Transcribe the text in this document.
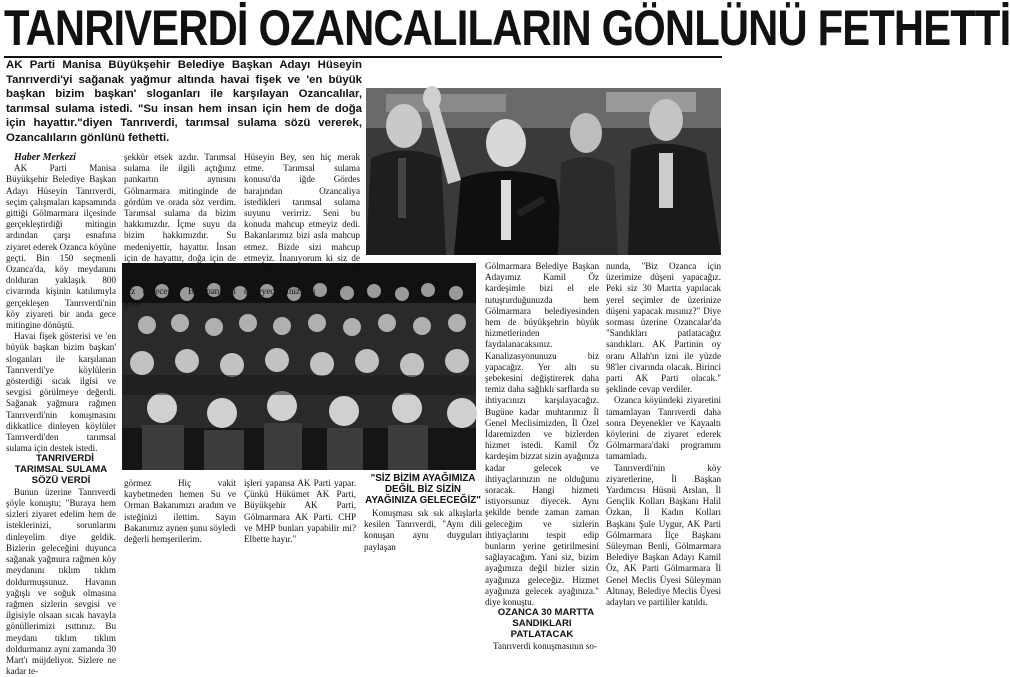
TANRIVERDİ OZANCALILARIN GÖNLÜNÜ FETHETTİ

AK Parti Manisa Büyükşehir Belediye Başkan Adayı Hüseyin Tanrıverdi'yi sağanak yağmur altında havai fişek ve 'en büyük başkan bizim başkan' sloganları ile karşılayan Ozancalılar, tarımsal sulama istedi. "Su insan hem insan için hem de doğa için hayattır."diyen Tanrıverdi, tarımsal sulama sözü vererek, Ozancalıların gönlünü fethetti.

Haber Merkezi

AK Parti Manisa Büyükşehir Belediye Başkan Adayı Hüseyin Tanrıverdi, seçim çalışmaları kapsamında gittiği Gölmarmara ilçesinde gerçekleştirdiği mitingin ardından çarşı esnafına ziyaret ederek Ozanca köyüne geçti. Bin 150 seçmenli Ozanca'da, köy meydanını dolduran yaklaşık 800 civarında kişinin katılımıyla gerçekleşen Tanrıverdi'nin köy ziyareti bir anda gece mitingine dönüştü.

Havai fişek gösterisi ve 'en büyük başkan bizim başkan' sloganları ile karşılanan Tanrıverdi'ye köylülerin gösterdiği sıcak ilgisi ve sevgisi görülmeye değerdi. Sağanak yağmura rağmen Tanrıverdi'nin konuşmasını dikkatlice dinleyen köylüler Tanrıverdi'den tarımsal sulama için destek istedi.

TANRIVERDİ TARIMSAL SULAMA SÖZÜ VERDİ

Bunun üzerine Tanrıverdi şöyle konuştu; "Buraya hem sizleri ziyaret edelim hem de isteklerinizi, sorunlarını dinleyelim diye geldik. Bizlerin geleceğini duyunca sağanak yağmura rağmen köy meydanını tıklım tıklım doldurmuşsunuz. Havanın yağışlı ve soğuk olmasına rağmen sizlerin sevgisi ve ilgisiyle olsaan sıcak havayla gönüllerimizi ısıttınız. Bu meydanı tıklım tıklım doldurmanız aynı zamanda 30 Mart'ı müjdeliyor. Sizlere ne kadar te-

şekkür etsek azdır. Tarımsal sulama ile ilgili açtığınız pankartın aynısını Gölmarmara mitinginde de gördüm ve orada söz verdim. Tarımsal sulama da bizim hakkımızdır. İçme suyu da bizim hakkımızdır. Su medeniyettir, hayattır. İnsan için de hayattır, doğa için de hayattır. Tarımsal sulama ile ilgili bu konuyu bilesiniz ki biz çözeceğiz. Bu pankartı göter

Hüseyin Bey, sen hiç merak etme. Tarımsal sulama konusu'da iğde Gördes barajından Ozancaliya istedikleri tarımsal sulama suyunu verirriz. Seni bu konuda mahcup etmeyiz dedi. Bakanlarımız bizi asla mahcup etmez. Bizde sizi mahcup etmeyiz. İnanıyorum ki siz de bizi, ne Manisa'ya karşı ne de Ankara'ya karşı mahcup etmeyeceksiniz. Bu

görmez Hiç vakit kaybetmeden hemen Su ve Orman Bakanımızı aradım ve isteğinizi ilettim. Sayın Bakanımız aynen şunu söyledi değerli hemşerilerim.

işleri yapansa AK Parti yapar. Çünkü Hükümet AK Parti, Büyükşehir AK Parti, Gölmarmara AK Parti. CHP ve MHP bunları yapabilir mi? Elbette hayır."

"SİZ BİZİM AYAĞIMIZA DEĞİL BİZ SİZİN AYAĞINIZA GELECEĞİZ"

Konuşması sık sık alkışlarla kesilen Tanrıverdi, "Aynı dili konuşan aynı duyguları paylaşan

Gölmarmara Belediye Başkan Adayımız Kamil Öz kardeşimle bizi el ele tutuşturduğunuzda hem Gölmarmara belediyesinden hem de büyükşehrin büyük hizmetlerinden faydalanacaksınız. Kanalizasyonunuzu biz yapacağız. Yer altı su şebekesini değiştirerek daha temiz daha sağlıklı sarflarda su ihtiyacınızı karşılayacağız. Bugüne kadar muhtarımız İl Genel Meclisimizden, İl Özel İdaremizden ve bizlerden hizmet istedi. Kamil Öz kardeşim bizzat sizin ayağınıza kadar gelecek ve ihtiyaçlarınızın ne olduğunu soracak. Hangi hizmeti istiyorsunuz diyecek. Aynı şekilde bende zaman zaman geleceğim ve sizlerin ihtiyaçlarını tespit edip bunların yerine getirilmesini sağlayacağım. Yani siz, bizim ayağımıza değil bizler sizin ayağınıza geleceğiz. Hizmet ayağınıza gelecek ayağınıza." diye konuştu.

OZANCA 30 MARTTA SANDIKLARI PATLATACAK

Tanrıverdi konuşmasının so-

nunda, "Biz Ozanca için üzerimize düşeni yapacağız. Peki siz 30 Martta yapılacak yerel seçimler de üzerinize düşeni yapacak mısınız?" Diye sorması üzerine Ozancalar'da "Sandıkları patlatacağız sandıkları. AK Partinin oy oranı Allah'ın izni ile yüzde 98'ler civarında olacak. Birinci parti AK Parti olacak." şeklinde cevap verdiler.

Ozanca köyündeki ziyaretini tamamlayan Tanrıverdi daha sonra Deyenekler ve Kayaaltı köylerini de ziyaret ederek Gölmarmara'daki programını tamamladı.

Tanrıverdi'nin köy ziyaretlerine, İl Başkan Yardımcısı Hüsnü Arslan, İl Gençlik Kolları Başkanı Halil Özkan, İl Kadın Kolları Başkanı Şule Uygur, AK Parti Gölmarmara İlçe Başkanı Süleyman Benli, Gölmarmara Belediye Başkan Adayı Kamil Öz, AK Parti Gölmarmara İl Genel Meclis Üyesi Süleyman Altınay, Belediye Meclis Üyesi adayları ve partililer katıldı.
